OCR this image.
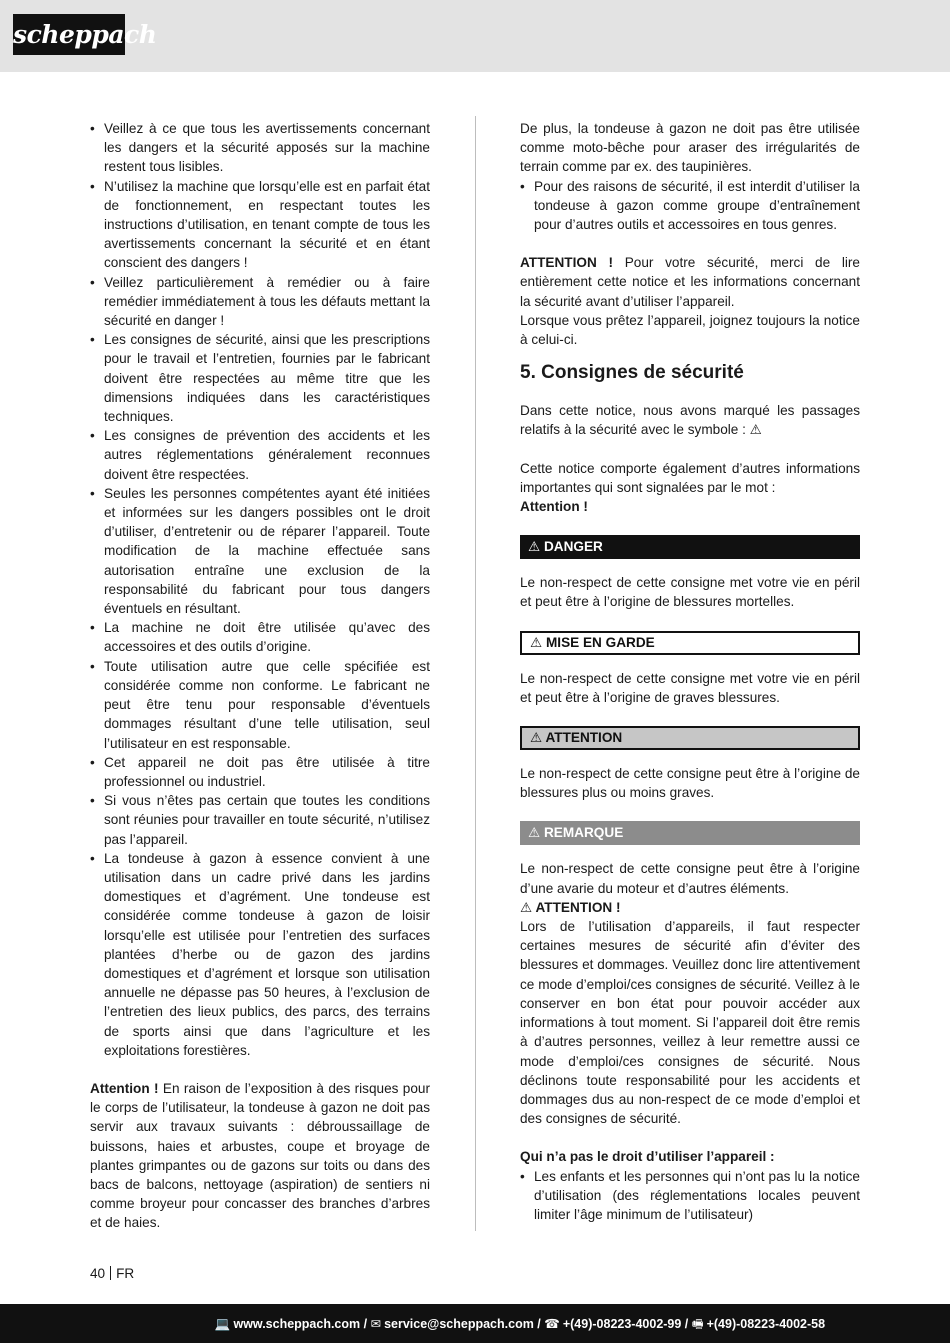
scheppach
• Veillez à ce que tous les avertissements concernant les dangers et la sécurité apposés sur la machine restent tous lisibles.
• N’utilisez la machine que lorsqu’elle est en parfait état de fonctionnement, en respectant toutes les instructions d’utilisation, en tenant compte de tous les avertissements concernant la sécurité et en étant conscient des dangers !
• Veillez particulièrement à remédier ou à faire remédier immédiatement à tous les défauts mettant la sécurité en danger !
• Les consignes de sécurité, ainsi que les prescriptions pour le travail et l’entretien, fournies par le fabricant doivent être respectées au même titre que les dimensions indiquées dans les caractéristiques techniques.
• Les consignes de prévention des accidents et les autres réglementations généralement reconnues doivent être respectées.
• Seules les personnes compétentes ayant été initiées et informées sur les dangers possibles ont le droit d’utiliser, d’entretenir ou de réparer l’appareil. Toute modification de la machine effectuée sans autorisation entraîne une exclusion de la responsabilité du fabricant pour tous dangers éventuels en résultant.
• La machine ne doit être utilisée qu’avec des accessoires et des outils d’origine.
• Toute utilisation autre que celle spécifiée est considérée comme non conforme. Le fabricant ne peut être tenu pour responsable d’éventuels dommages résultant d’une telle utilisation, seul l’utilisateur en est responsable.
• Cet appareil ne doit pas être utilisée à titre professionnel ou industriel.
• Si vous n’êtes pas certain que toutes les conditions sont réunies pour travailler en toute sécurité, n’utilisez pas l’appareil.
• La tondeuse à gazon à essence convient à une utilisation dans un cadre privé dans les jardins domestiques et d’agrément. Une tondeuse est considérée comme tondeuse à gazon de loisir lorsqu’elle est utilisée pour l’entretien des surfaces plantées d’herbe ou de gazon des jardins domestiques et d’agrément et lorsque son utilisation annuelle ne dépasse pas 50 heures, à l’exclusion de l’entretien des lieux publics, des parcs, des terrains de sports ainsi que dans l’agriculture et les exploitations forestières.

Attention ! En raison de l’exposition à des risques pour le corps de l’utilisateur, la tondeuse à gazon ne doit pas servir aux travaux suivants : débroussaillage de buissons, haies et arbustes, coupe et broyage de plantes grimpantes ou de gazons sur toits ou dans des bacs de balcons, nettoyage (aspiration) de sentiers ni comme broyeur pour concasser des branches d’arbres et de haies.

De plus, la tondeuse à gazon ne doit pas être utilisée comme moto-bêche pour araser des irrégularités de terrain comme par ex. des taupinières.

• Pour des raisons de sécurité, il est interdit d’utiliser la tondeuse à gazon comme groupe d’entraînement pour d’autres outils et accessoires en tous genres.

ATTENTION ! Pour votre sécurité, merci de lire entièrement cette notice et les informations concernant la sécurité avant d’utiliser l’appareil.

Lorsque vous prêtez l’appareil, joignez toujours la notice à celui-ci.

5. Consignes de sécurité

Dans cette notice, nous avons marqué les passages relatifs à la sécurité avec le symbole : ⚠

Cette notice comporte également d’autres informations importantes qui sont signalées par le mot :

Attention !

⚠ DANGER

Le non-respect de cette consigne met votre vie en péril et peut être à l’origine de blessures mortelles.

⚠ MISE EN GARDE

Le non-respect de cette consigne met votre vie en péril et peut être à l’origine de graves blessures.

⚠ ATTENTION

Le non-respect de cette consigne peut être à l’origine de blessures plus ou moins graves.

⚠ REMARQUE

Le non-respect de cette consigne peut être à l’origine d’une avarie du moteur et d’autres éléments.

⚠ ATTENTION !

Lors de l’utilisation d’appareils, il faut respecter certaines mesures de sécurité afin d’éviter des blessures et dommages. Veuillez donc lire attentivement ce mode d’emploi/ces consignes de sécurité. Veillez à le conserver en bon état pour pouvoir accéder aux informations à tout moment. Si l’appareil doit être remis à d’autres personnes, veillez à leur remettre aussi ce mode d’emploi/ces consignes de sécurité. Nous déclinons toute responsabilité pour les accidents et dommages dus au non-respect de ce mode d’emploi et des consignes de sécurité.

Qui n’a pas le droit d’utiliser l’appareil :

• Les enfants et les personnes qui n’ont pas lu la notice d’utilisation (des réglementations locales peuvent limiter l’âge minimum de l’utilisateur)
40 FR
💻 www.scheppach.com / ✉ service@scheppach.com / ☎ +(49)-08223-4002-99 / 🖷 +(49)-08223-4002-58
